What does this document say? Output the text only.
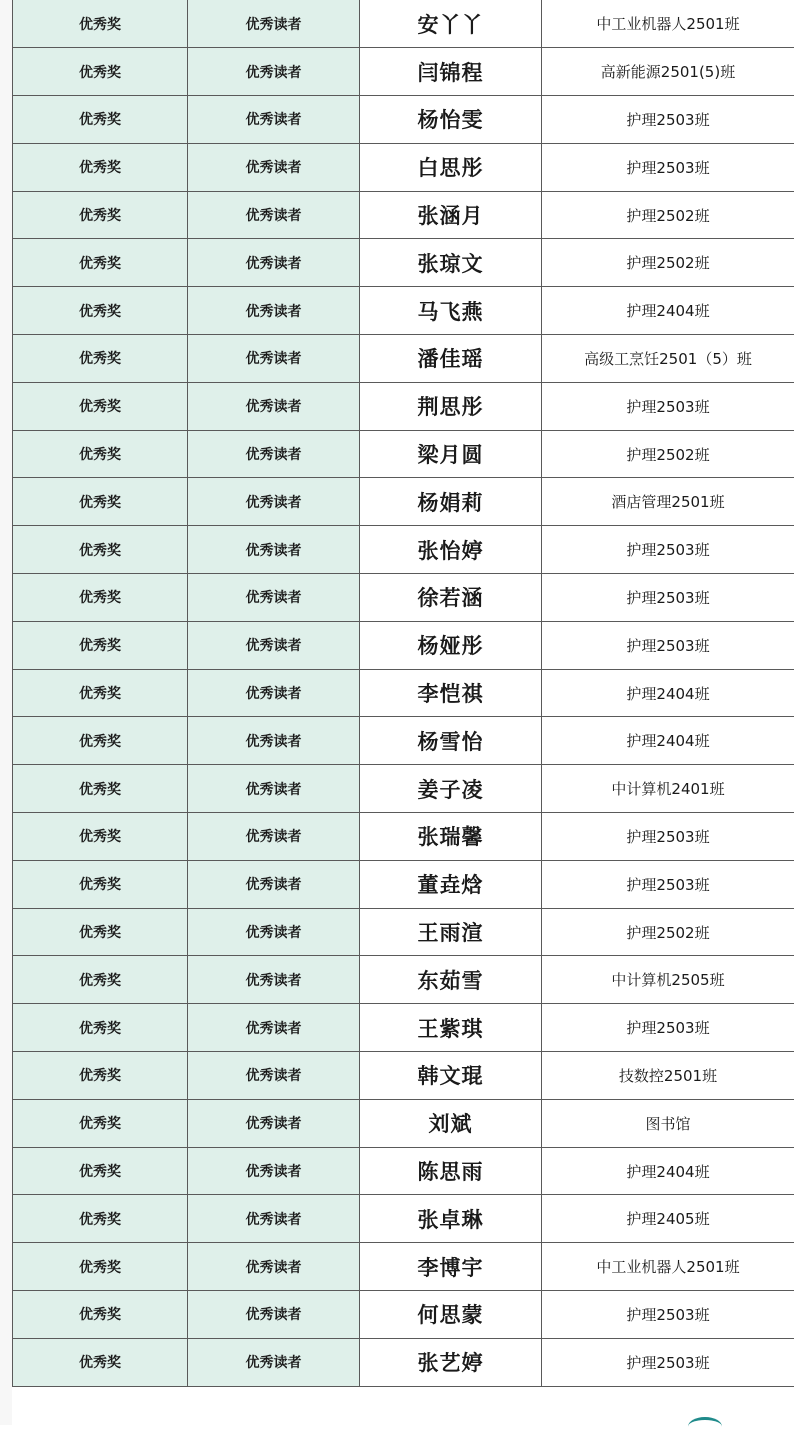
优秀奖	优秀读者	安丫丫	中工业机器人2501班
优秀奖	优秀读者	闫锦程	高新能源2501(5)班
优秀奖	优秀读者	杨怡雯	护理2503班
优秀奖	优秀读者	白思彤	护理2503班
优秀奖	优秀读者	张涵月	护理2502班
优秀奖	优秀读者	张琼文	护理2502班
优秀奖	优秀读者	马飞燕	护理2404班
优秀奖	优秀读者	潘佳瑶	高级工烹饪2501（5）班
优秀奖	优秀读者	荆思彤	护理2503班
优秀奖	优秀读者	梁月圆	护理2502班
优秀奖	优秀读者	杨娟莉	酒店管理2501班
优秀奖	优秀读者	张怡婷	护理2503班
优秀奖	优秀读者	徐若涵	护理2503班
优秀奖	优秀读者	杨娅彤	护理2503班
优秀奖	优秀读者	李恺祺	护理2404班
优秀奖	优秀读者	杨雪怡	护理2404班
优秀奖	优秀读者	姜子凌	中计算机2401班
优秀奖	优秀读者	张瑞馨	护理2503班
优秀奖	优秀读者	董垚焓	护理2503班
优秀奖	优秀读者	王雨渲	护理2502班
优秀奖	优秀读者	东茹雪	中计算机2505班
优秀奖	优秀读者	王紫琪	护理2503班
优秀奖	优秀读者	韩文琨	技数控2501班
优秀奖	优秀读者	刘斌	图书馆
优秀奖	优秀读者	陈思雨	护理2404班
优秀奖	优秀读者	张卓琳	护理2405班
优秀奖	优秀读者	李博宇	中工业机器人2501班
优秀奖	优秀读者	何思蒙	护理2503班
优秀奖	优秀读者	张艺婷	护理2503班
